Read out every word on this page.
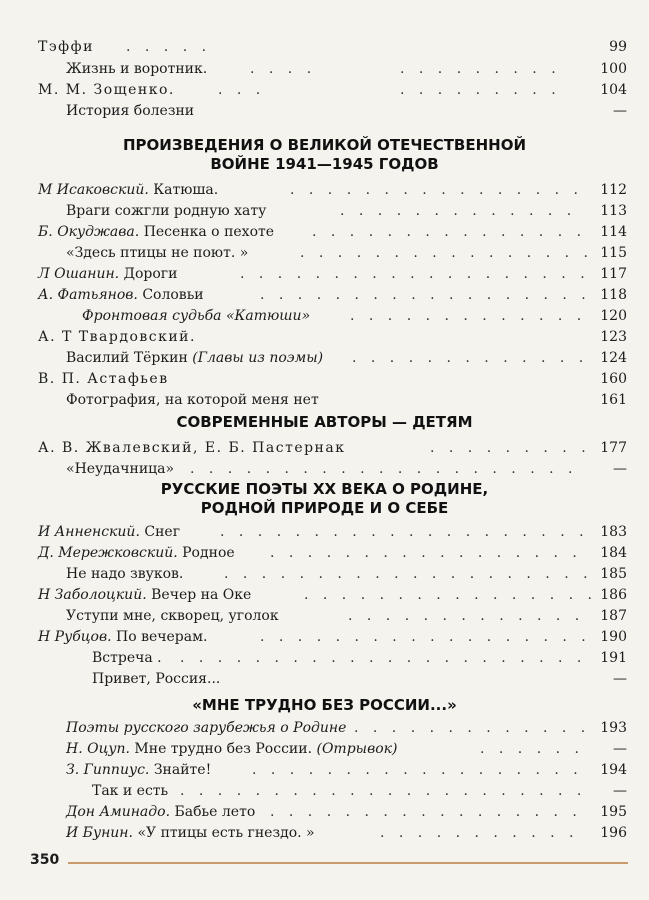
Тэффи . . . . .	99
Жизнь и воротник.	. . . .	. . . . . . . . .	100
М. М. Зощенко.	. . .	. . . . . . . . .	104
История болезни	—
ПРОИЗВЕДЕНИЯ О ВЕЛИКОЙ ОТЕЧЕСТВЕННОЙ
ВОЙНЕ 1941—1945 ГОДОВ
М Исаковский. Катюша.	. . . . . . . . . . . . . . . .	112
Враги сожгли родную хату	. . . . . . . . . . . . .	113
Б. Окуджава. Песенка о пехоте	. . . . . . . . . . . . . . .	114
«Здесь птицы не поют. »	. . . . . . . . . . . . . . . . 115
Л Ошанин. Дороги	. . . . . . . . . . . . . . . . . . . 117
А. Фатьянов. Соловьи	. . . . . . . . . . . . . . . . . . 118
Фронтовая судьба «Катюши»	. . . . . . . . . . . . .	120
А. Т Твардовский.	123
Василий Тёркин (Главы из поэмы) . . . . . . . . . . . . . 124
В. П. Астафьев	160
Фотография, на которой меня нет	161
СОВРЕМЕННЫЕ АВТОРЫ — ДЕТЯМ
А. В. Жвалевский, Е. Б. Пастернак	. . . . . . . . . 177
«Неудачница» . . . . . . . . . . . . . . . . . . . . .	—
РУССКИЕ ПОЭТЫ XX ВЕКА О РОДИНЕ,
РОДНОЙ ПРИРОДЕ И О СЕБЕ
И Анненский. Снег	. . . . . . . . . . . . . . . . . . . . 183
Д. Мережковский. Родное	. . . . . . . . . . . . . . . . .	184
Не надо звуков.	. . . . . . . . . . . . . . . . . . . . 185
Н Заболоцкий. Вечер на Оке	. . . . . . . . . . . . . . . . 186
Уступи мне, скворец, уголок	. . . . . . . . . . . . .	187
Н Рубцов. По вечерам.	. . . . . . . . . . . . . . . . . . 190
Встреча . . . . . . . . . . . . . . . . . . . . . . . 191
Привет, Россия...	—
«МНЕ ТРУДНО БЕЗ РОССИИ...»
Поэты русского зарубежья о Родине . . . . . . . . . . . . . 193
Н. Оцуп. Мне трудно без России. (Отрывок)	. . . . . .	—
З. Гиппиус. Знайте!	. . . . . . . . . . . . . . . . . .	194
Так и есть . . . . . . . . . . . . . . . . . . . . . .	—
Дон Аминадо. Бабье лето . . . . . . . . . . . . . . . . .	195
И Бунин. «У птицы есть гнездо. »	. . . . . . . . . . .	196
350
